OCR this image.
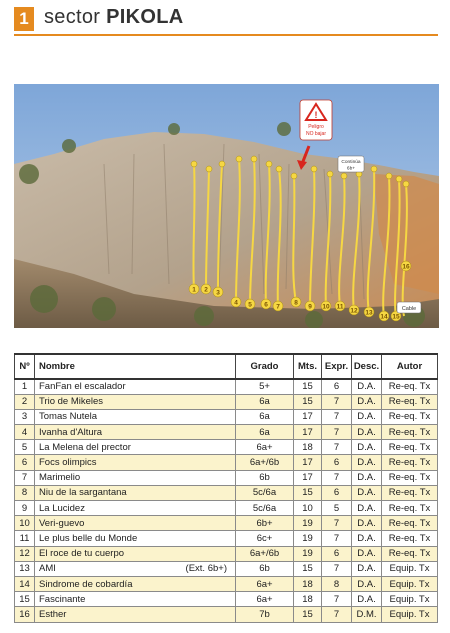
1 sector PIKOLA
1 2 3
4 5 6 7
8
9 10 11
12 13
14 15
16
!
Peligro
NO bajar
Continúa
6b+
Cable
Nº	Nombre	Grado	Mts.	Expr.	Desc.	Autor
1	FanFan el escalador	5+	15	6	D.A.	Re-eq. Tx
2	Trio de Mikeles	6a	15	7	D.A.	Re-eq. Tx
3	Tomas Nutela	6a	17	7	D.A.	Re-eq. Tx
4	Ivanha d'Altura	6a	17	7	D.A.	Re-eq. Tx
5	La Melena del prector	6a+	18	7	D.A.	Re-eq. Tx
6	Focs olimpics	6a+/6b	17	6	D.A.	Re-eq. Tx
7	Marimelio	6b	17	7	D.A.	Re-eq. Tx
8	Niu de la sargantana	5c/6a	15	6	D.A.	Re-eq. Tx
9	La Lucidez	5c/6a	10	5	D.A.	Re-eq. Tx
10	Veri-guevo	6b+	19	7	D.A.	Re-eq. Tx
11	Le plus belle du Monde	6c+	19	7	D.A.	Re-eq. Tx
12	El roce de tu cuerpo	6a+/6b	19	6	D.A.	Re-eq. Tx
13	AMI (Ext. 6b+)	6b	15	7	D.A.	Equip. Tx
14	Sindrome de cobardía	6a+	18	8	D.A.	Equip. Tx
15	Fascinante	6a+	18	7	D.A.	Equip. Tx
16	Esther	7b	15	7	D.M.	Equip. Tx
